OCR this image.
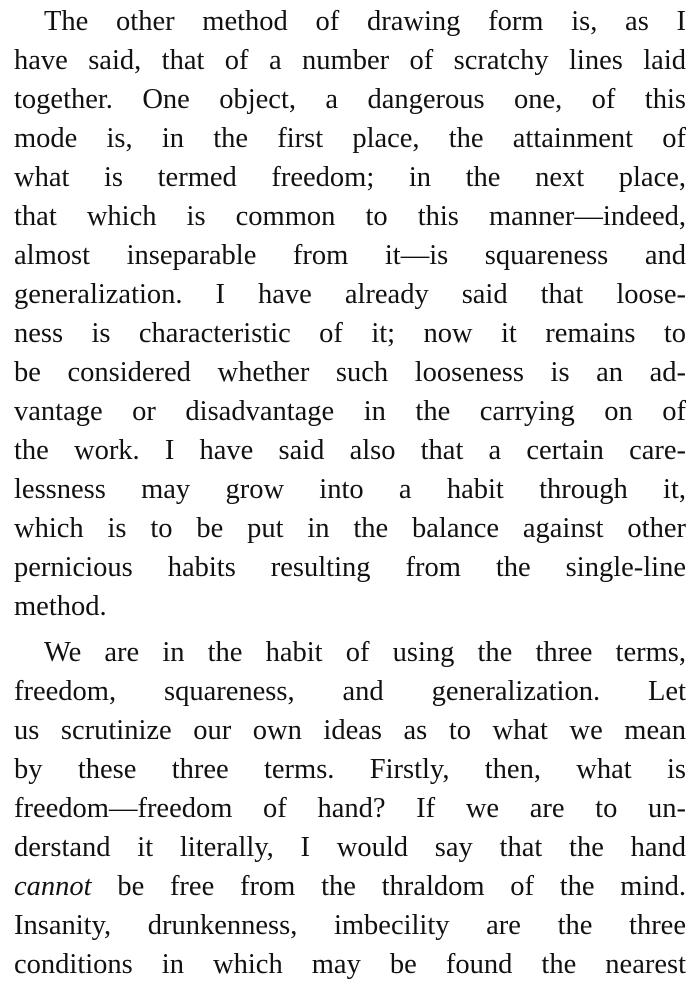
The other method of drawing form is, as I
have said, that of a number of scratchy lines laid
together. One object, a dangerous one, of this
mode is, in the first place, the attainment of
what is termed freedom; in the next place,
that which is common to this manner—indeed,
almost inseparable from it—is squareness and
generalization. I have already said that loose-
ness is characteristic of it; now it remains to
be considered whether such looseness is an ad-
vantage or disadvantage in the carrying on of
the work. I have said also that a certain care-
lessness may grow into a habit through it,
which is to be put in the balance against other
pernicious habits resulting from the single-line
method.
We are in the habit of using the three terms,
freedom, squareness, and generalization. Let
us scrutinize our own ideas as to what we mean
by these three terms. Firstly, then, what is
freedom—freedom of hand? If we are to un-
derstand it literally, I would say that the hand
cannot be free from the thraldom of the mind.
Insanity, drunkenness, imbecility are the three
conditions in which may be found the nearest
